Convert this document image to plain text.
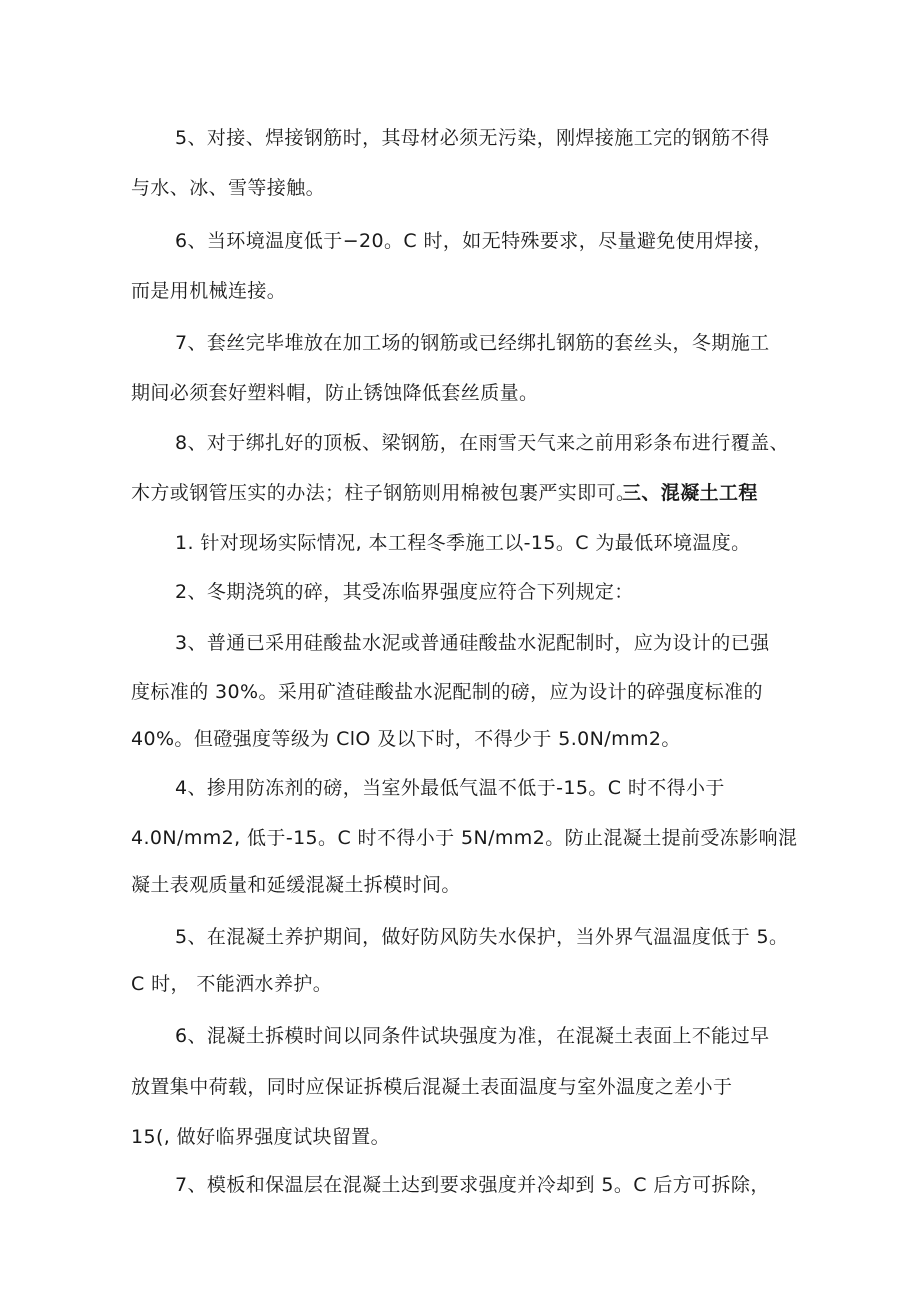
5、对接、焊接钢筋时，其母材必须无污染，刚焊接施工完的钢筋不得
与水、冰、雪等接触。
6、当环境温度低于−20。C 时，如无特殊要求，尽量避免使用焊接，
而是用机械连接。
7、套丝完毕堆放在加工场的钢筋或已经绑扎钢筋的套丝头，冬期施工
期间必须套好塑料帽，防止锈蚀降低套丝质量。
8、对于绑扎好的顶板、梁钢筋，在雨雪天气来之前用彩条布进行覆盖、
木方或钢管压实的办法；柱子钢筋则用棉被包裹严实即可。
三、混凝土工程
1. 针对现场实际情况, 本工程冬季施工以-15。C 为最低环境温度。
2、冬期浇筑的碎，其受冻临界强度应符合下列规定：
3、普通已采用硅酸盐水泥或普通硅酸盐水泥配制时，应为设计的已强
度标准的 30%。采用矿渣硅酸盐水泥配制的磅，应为设计的碎强度标准的
40%。但磴强度等级为 ClO 及以下时，不得少于 5.0N∕mm2。
4、掺用防冻剂的磅，当室外最低气温不低于-15。C 时不得小于
4.0N∕mm2, 低于-15。C 时不得小于 5N∕mm2。防止混凝土提前受冻影响混
凝土表观质量和延缓混凝土拆模时间。
5、在混凝土养护期间，做好防风防失水保护，当外界气温温度低于 5。
C 时， 不能洒水养护。
6、混凝土拆模时间以同条件试块强度为准，在混凝土表面上不能过早
放置集中荷载，同时应保证拆模后混凝土表面温度与室外温度之差小于
15(, 做好临界强度试块留置。
7、模板和保温层在混凝土达到要求强度并冷却到 5。C 后方可拆除，
